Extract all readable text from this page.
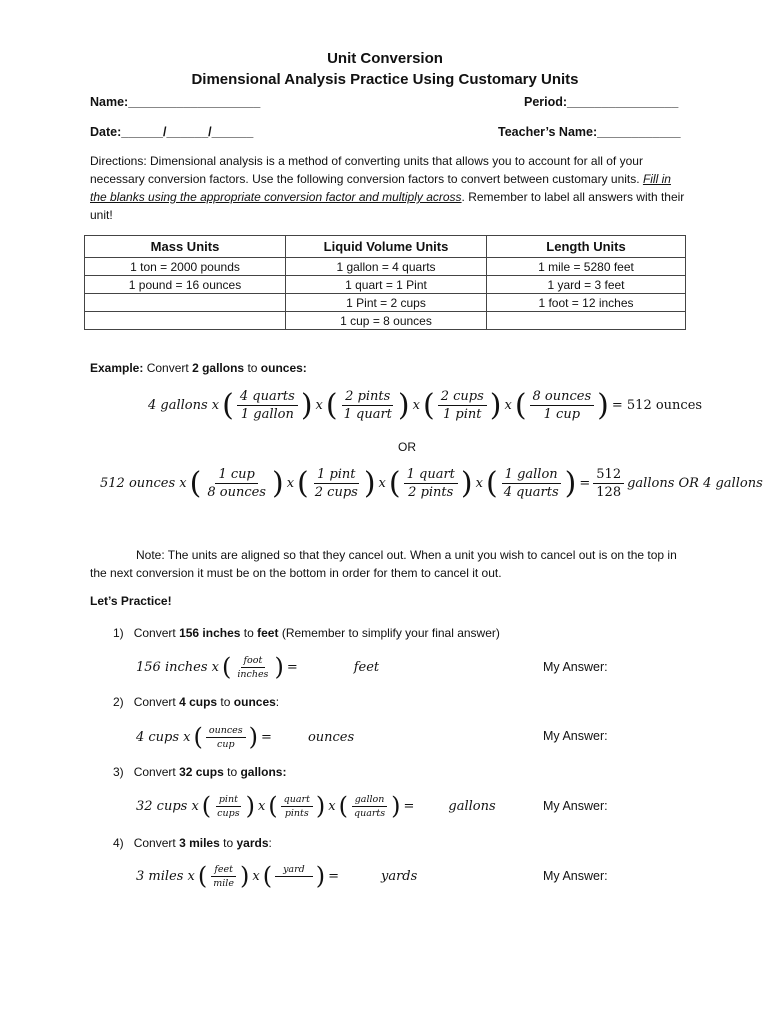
Unit Conversion
Dimensional Analysis Practice Using Customary Units
Name:___________________	Period:________________
Date:______/______/______	Teacher’s Name:____________
Directions: Dimensional analysis is a method of converting units that allows you to account for all of your necessary conversion factors. Use the following conversion factors to convert between customary units. Fill in the blanks using the appropriate conversion factor and multiply across. Remember to label all answers with their unit!
Mass Units	Liquid Volume Units	Length Units
1 ton = 2000 pounds	1 gallon = 4 quarts	1 mile = 5280 feet
1 pound = 16 ounces	1 quart = 1 Pint	1 yard = 3 feet
	1 Pint = 2 cups	1 foot = 12 inches
	1 cup = 8 ounces	
Example: Convert 2 gallons to ounces:
4 gallons x ( $\frac{\text{4 quarts}}{\text{1 gallon}}$ ) x ( $\frac{\text{2 pints}}{\text{1 quart}}$ ) x ( $\frac{\text{2 cups}}{\text{1 pint}}$ ) x ( $\frac{\text{8 ounces}}{\text{1 cup}}$ ) = 512 ounces
OR
512 ounces x ( $\frac{\text{1 cup}}{\text{8 ounces}}$ ) x ( $\frac{\text{1 pint}}{\text{2 cups}}$ ) x ( $\frac{\text{1 quart}}{\text{2 pints}}$ ) x ( $\frac{\text{1 gallon}}{\text{4 quarts}}$ ) = $\frac{512}{128}$ gallons OR 4 gallons
Note: The units are aligned so that they cancel out. When a unit you wish to cancel out is on the top in the next conversion it must be on the bottom in order for them to cancel it out.
Let’s Practice!
1) Convert 156 inches to feet (Remember to simplify your final answer)
156 inches x ( $\frac{\text{foot}}{\text{inches}}$ ) =	feet	My Answer:
2) Convert 4 cups to ounces:
4 cups x ( $\frac{\text{ounces}}{\text{cup}}$ ) =	ounces	My Answer:
3) Convert 32 cups to gallons:
32 cups x ( $\frac{\text{pint}}{\text{cups}}$ ) x ( $\frac{\text{quart}}{\text{pints}}$ ) x ( $\frac{\text{gallon}}{\text{quarts}}$ ) =	gallons	My Answer:
4) Convert 3 miles to yards:
3 miles x ( $\frac{\text{feet}}{\text{mile}}$ ) x (	yard
) =	yards	My Answer:
